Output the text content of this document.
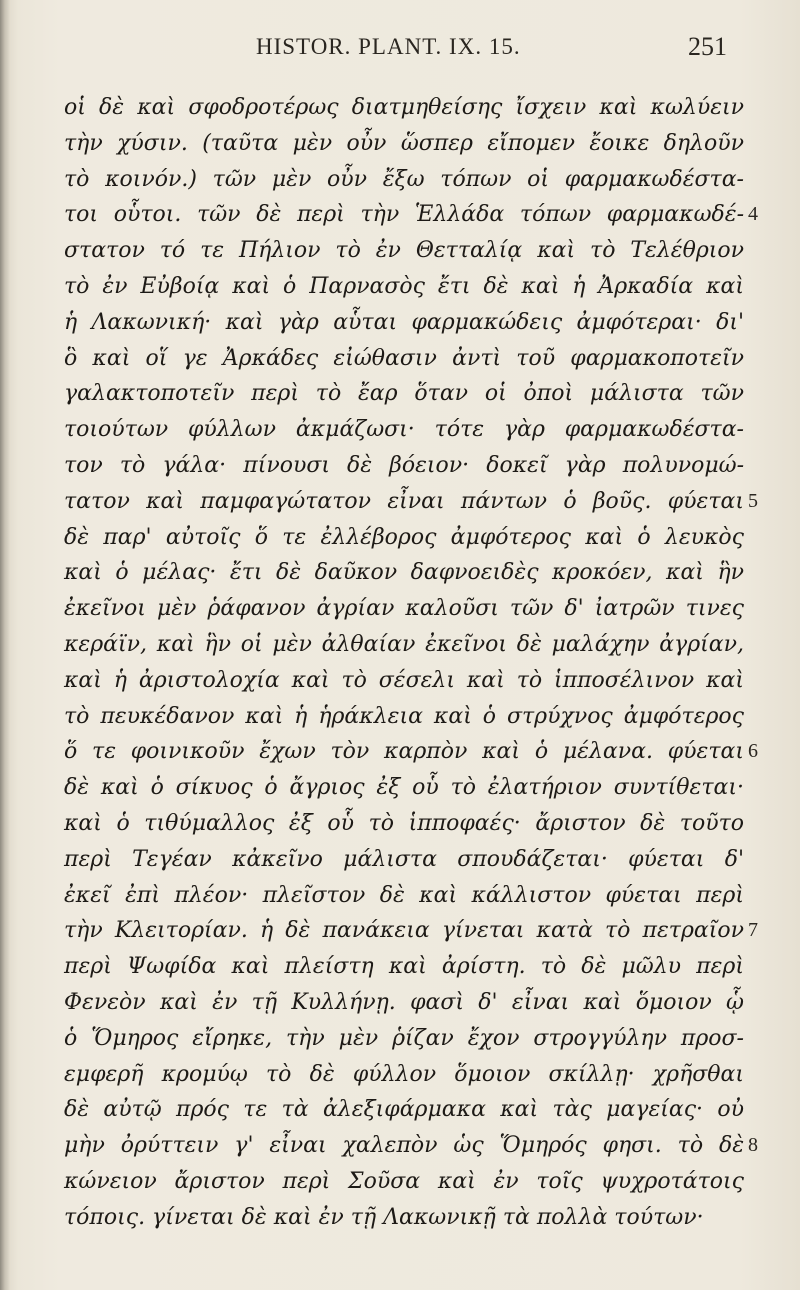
HISTOR. PLANT. IX. 15.	251
οἱ δὲ καὶ σφοδροτέρως διατμηθείσης ἴσχειν καὶ κωλύειν
τὴν χύσιν. (ταῦτα μὲν οὖν ὥσπερ εἴπομεν ἔοικε δηλοῦν
τὸ κοινόν.) τῶν μὲν οὖν ἔξω τόπων οἱ φαρμακωδέστα-
τοι οὗτοι. τῶν δὲ περὶ τὴν Ἑλλάδα τόπων φαρμακωδέ-
στατον τό τε Πήλιον τὸ ἐν Θετταλίᾳ καὶ τὸ Τελέθριον
τὸ ἐν Εὐβοίᾳ καὶ ὁ Παρνασὸς ἔτι δὲ καὶ ἡ Ἀρκαδία καὶ
ἡ Λακωνική· καὶ γὰρ αὗται φαρμακώδεις ἀμφότεραι· δι'
ὃ καὶ οἵ γε Ἀρκάδες εἰώθασιν ἀντὶ τοῦ φαρμακοποτεῖν
γαλακτοποτεῖν περὶ τὸ ἔαρ ὅταν οἱ ὀποὶ μάλιστα τῶν
τοιούτων φύλλων ἀκμάζωσι· τότε γὰρ φαρμακωδέστα-
τον τὸ γάλα· πίνουσι δὲ βόειον· δοκεῖ γὰρ πολυνομώ-
τατον καὶ παμφαγώτατον εἶναι πάντων ὁ βοῦς. φύεται
δὲ παρ' αὐτοῖς ὅ τε ἐλλέβορος ἀμφότερος καὶ ὁ λευκὸς
καὶ ὁ μέλας· ἔτι δὲ δαῦκον δαφνοειδὲς κροκόεν, καὶ ἣν
ἐκεῖνοι μὲν ῥάφανον ἀγρίαν καλοῦσι τῶν δ' ἰατρῶν τινες
κεράϊν, καὶ ἣν οἱ μὲν ἀλθαίαν ἐκεῖνοι δὲ μαλάχην ἀγρίαν,
καὶ ἡ ἀριστολοχία καὶ τὸ σέσελι καὶ τὸ ἱπποσέλινον καὶ
τὸ πευκέδανον καὶ ἡ ἡράκλεια καὶ ὁ στρύχνος ἀμφότερος
ὅ τε φοινικοῦν ἔχων τὸν καρπὸν καὶ ὁ μέλανα. φύεται
δὲ καὶ ὁ σίκυος ὁ ἄγριος ἐξ οὗ τὸ ἐλατήριον συντίθεται·
καὶ ὁ τιθύμαλλος ἐξ οὗ τὸ ἱπποφαές· ἄριστον δὲ τοῦτο
περὶ Τεγέαν κἀκεῖνο μάλιστα σπουδάζεται· φύεται δ'
ἐκεῖ ἐπὶ πλέον· πλεῖστον δὲ καὶ κάλλιστον φύεται περὶ
τὴν Κλειτορίαν. ἡ δὲ πανάκεια γίνεται κατὰ τὸ πετραῖον
περὶ Ψωφίδα καὶ πλείστη καὶ ἀρίστη. τὸ δὲ μῶλυ περὶ
Φενεὸν καὶ ἐν τῇ Κυλλήνῃ. φασὶ δ' εἶναι καὶ ὅμοιον ᾧ
ὁ Ὅμηρος εἴρηκε, τὴν μὲν ῥίζαν ἔχον στρογγύλην προσ-
εμφερῆ κρομύῳ τὸ δὲ φύλλον ὅμοιον σκίλλῃ· χρῆσθαι
δὲ αὐτῷ πρός τε τὰ ἀλεξιφάρμακα καὶ τὰς μαγείας· οὐ
μὴν ὀρύττειν γ' εἶναι χαλεπὸν ὡς Ὅμηρός φησι. τὸ δὲ
κώνειον ἄριστον περὶ Σοῦσα καὶ ἐν τοῖς ψυχροτάτοις
τόποις. γίνεται δὲ καὶ ἐν τῇ Λακωνικῇ τὰ πολλὰ τούτων·
4
5
6
7
8
